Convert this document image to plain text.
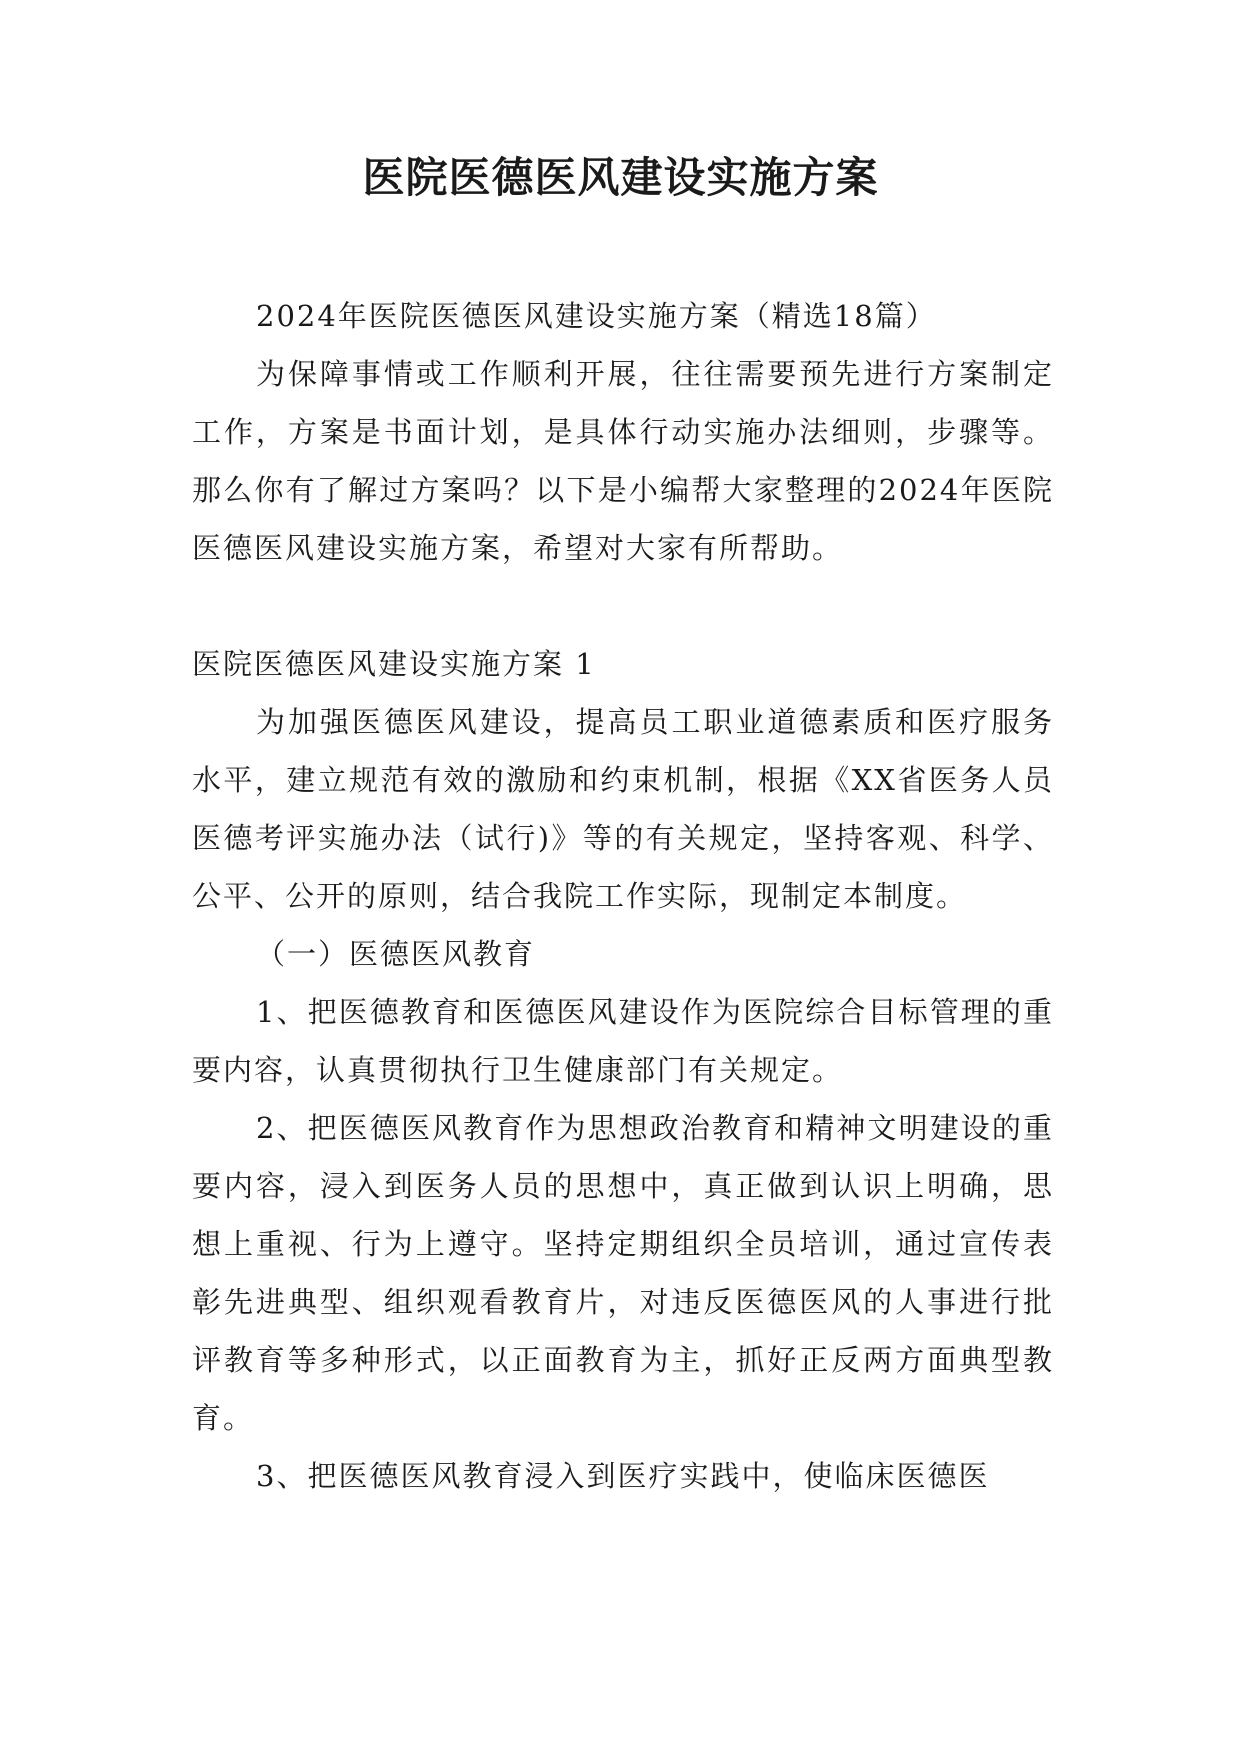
医院医德医风建设实施方案

2024年医院医德医风建设实施方案（精选18篇）

为保障事情或工作顺利开展，往往需要预先进行方案制定工作，方案是书面计划，是具体行动实施办法细则，步骤等。那么你有了解过方案吗？以下是小编帮大家整理的2024年医院医德医风建设实施方案，希望对大家有所帮助。

医院医德医风建设实施方案 1

为加强医德医风建设，提高员工职业道德素质和医疗服务水平，建立规范有效的激励和约束机制，根据《XX省医务人员医德考评实施办法（试行)》等的有关规定，坚持客观、科学、公平、公开的原则，结合我院工作实际，现制定本制度。

（一）医德医风教育

1、把医德教育和医德医风建设作为医院综合目标管理的重要内容，认真贯彻执行卫生健康部门有关规定。

2、把医德医风教育作为思想政治教育和精神文明建设的重要内容，浸入到医务人员的思想中，真正做到认识上明确，思想上重视、行为上遵守。坚持定期组织全员培训，通过宣传表彰先进典型、组织观看教育片，对违反医德医风的人事进行批评教育等多种形式，以正面教育为主，抓好正反两方面典型教育。

3、把医德医风教育浸入到医疗实践中，使临床医德医
